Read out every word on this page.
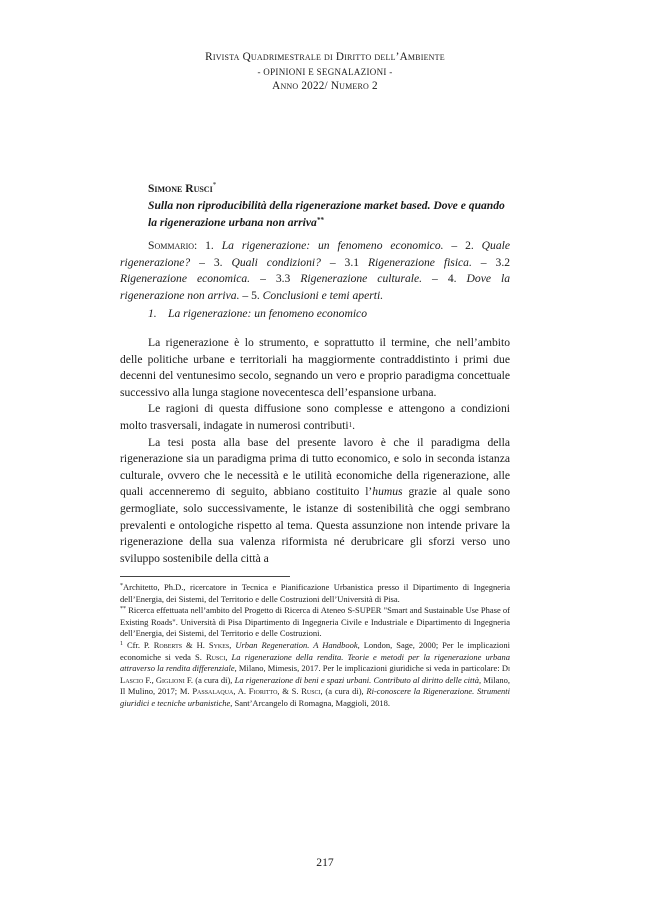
Rivista Quadrimestrale di Diritto dell’Ambiente
- OPINIONI E SEGNALAZIONI -
Anno 2022/ Numero 2
Simone Rusci*
Sulla non riproducibilità della rigenerazione market based. Dove e quando la rigenerazione urbana non arriva**

Sommario: 1. La rigenerazione: un fenomeno economico. – 2. Quale rigenerazione? – 3. Quali condizioni? – 3.1 Rigenerazione fisica. – 3.2 Rigenerazione economica. – 3.3 Rigenerazione culturale. – 4. Dove la rigenerazione non arriva. – 5. Conclusioni e temi aperti.

1. La rigenerazione: un fenomeno economico

La rigenerazione è lo strumento, e soprattutto il termine, che nell’ambito delle politiche urbane e territoriali ha maggiormente contraddistinto i primi due decenni del ventunesimo secolo, segnando un vero e proprio paradigma concettuale successivo alla lunga stagione novecentesca dell’espansione urbana.

Le ragioni di questa diffusione sono complesse e attengono a condizioni molto trasversali, indagate in numerosi contributi$^1$.

La tesi posta alla base del presente lavoro è che il paradigma della rigenerazione sia un paradigma prima di tutto economico, e solo in seconda istanza culturale, ovvero che le necessità e le utilità economiche della rigenerazione, alle quali accenneremo di seguito, abbiano costituito l’humus grazie al quale sono germogliate, solo successivamente, le istanze di sostenibilità che oggi sembrano prevalenti e ontologiche rispetto al tema. Questa assunzione non intende privare la rigenerazione della sua valenza riformista né derubricare gli sforzi verso uno sviluppo sostenibile della città a

*Architetto, Ph.D., ricercatore in Tecnica e Pianificazione Urbanistica presso il Dipartimento di Ingegneria dell’Energia, dei Sistemi, del Territorio e delle Costruzioni dell’Università di Pisa.

** Ricerca effettuata nell’ambito del Progetto di Ricerca di Ateneo S-SUPER "Smart and Sustainable Use Phase of Existing Roads". Università di Pisa Dipartimento di Ingegneria Civile e Industriale e Dipartimento di Ingegneria dell’Energia, dei Sistemi, del Territorio e delle Costruzioni.

$^1$ Cfr. P. Roberts & H. Sykes, Urban Regeneration. A Handbook, London, Sage, 2000; Per le implicazioni economiche si veda S. Rusci, La rigenerazione della rendita. Teorie e metodi per la rigenerazione urbana attraverso la rendita differenziale, Milano, Mimesis, 2017. Per le implicazioni giuridiche si veda in particolare: Di Lascio F., Giglioni F. (a cura di), La rigenerazione di beni e spazi urbani. Contributo al diritto delle città, Milano, Il Mulino, 2017; M. Passalaqua, A. Fioritto, & S. Rusci, (a cura di), Ri-conoscere la Rigenerazione. Strumenti giuridici e tecniche urbanistiche, Sant’Arcangelo di Romagna, Maggioli, 2018.

217
